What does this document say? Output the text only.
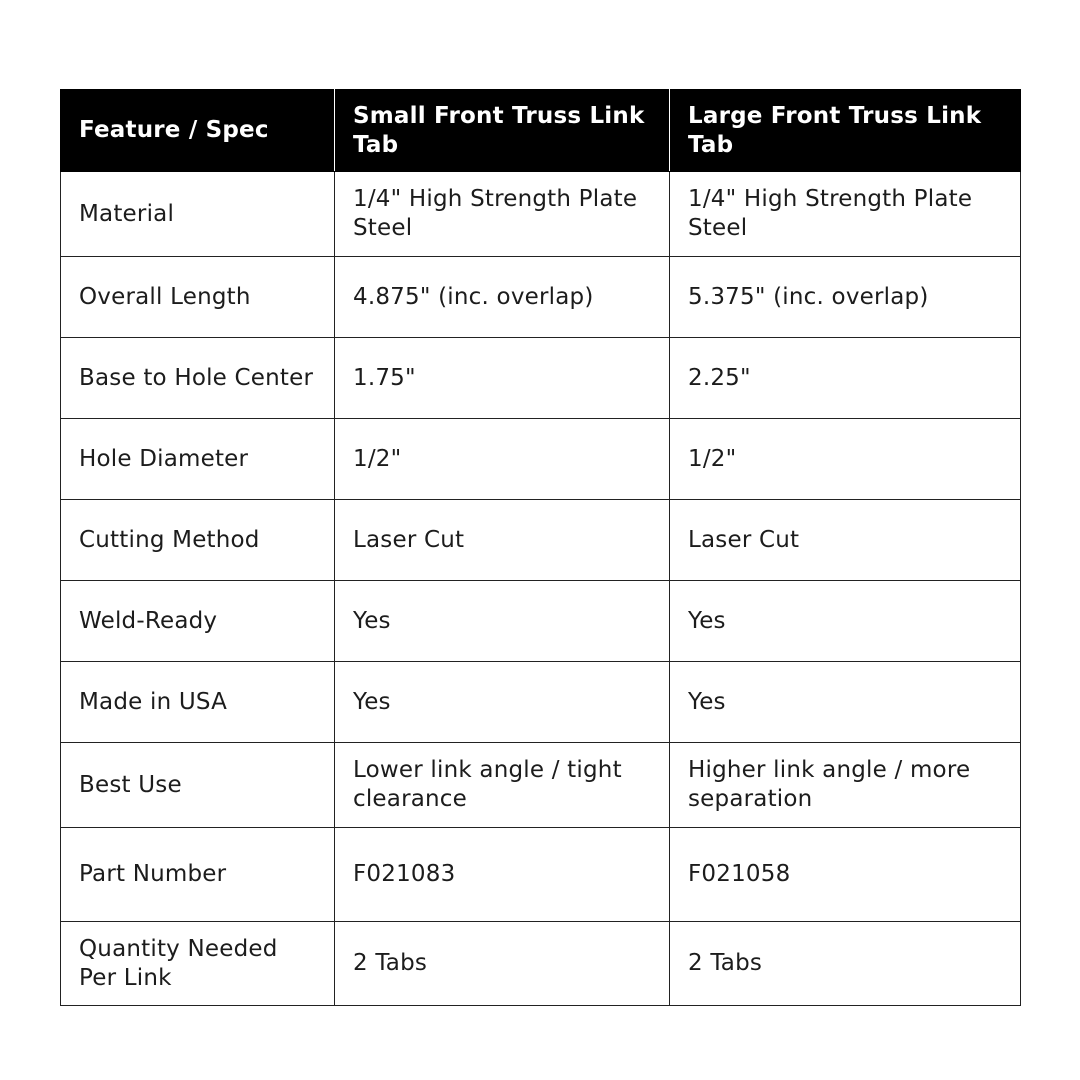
Feature / Spec	Small Front Truss Link Tab	Large Front Truss Link Tab
Material	1/4" High Strength Plate Steel	1/4" High Strength Plate Steel
Overall Length	4.875" (inc. overlap)	5.375" (inc. overlap)
Base to Hole Center	1.75"	2.25"
Hole Diameter	1/2"	1/2"
Cutting Method	Laser Cut	Laser Cut
Weld-Ready	Yes	Yes
Made in USA	Yes	Yes
Best Use	Lower link angle / tight clearance	Higher link angle / more separation
Part Number	F021083	F021058
Quantity Needed Per Link	2 Tabs	2 Tabs
